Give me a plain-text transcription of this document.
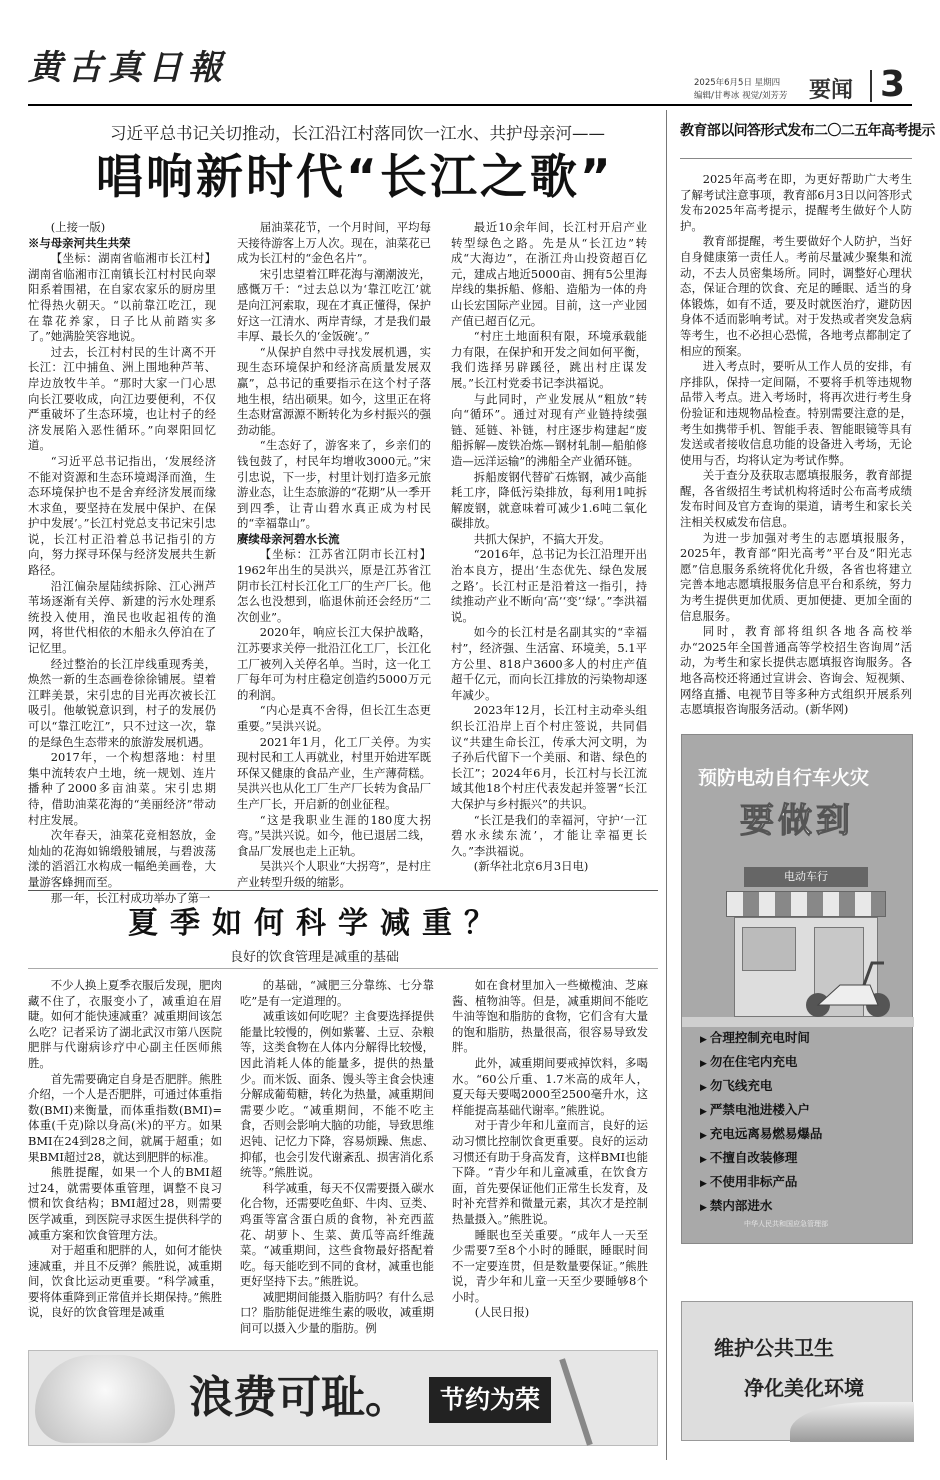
黄古真日報	2025年6月5日 星期四
编辑/甘粤冰 视觉/刘芳芳 要闻 3
习近平总书记关切推动，长江沿江村落同饮一江水、共护母亲河——
唱响新时代“长江之歌”

(上接一版)

※与母亲河共生共荣

【坐标：湖南省临湘市长江村】湖南省临湘市江南镇长江村村民向翠阳系着围裙，在自家农家乐的厨房里忙得热火朝天。“以前靠江吃江，现在靠花养家，日子比从前踏实多了。”她满脸笑容地说。

过去，长江村村民的生计离不开长江：江中捕鱼、洲上围地种芦苇、岸边放牧牛羊。“那时大家一门心思向长江要收成，向江边要便利，不仅严重破坏了生态环境，也让村子的经济发展陷入恶性循环。”向翠阳回忆道。

“习近平总书记指出，‘发展经济不能对资源和生态环境竭泽而渔，生态环境保护也不是舍弃经济发展而缘木求鱼，要坚持在发展中保护、在保护中发展’。”长江村党总支书记宋引忠说，长江村正沿着总书记指引的方向，努力探寻环保与经济发展共生新路径。

沿江偏杂屋陆续拆除、江心洲芦苇场逐渐有关停、新建的污水处理系统投入使用，渔民也收起祖传的渔网，将世代相依的木船永久停泊在了记忆里。

经过整治的长江岸线重现秀美，焕然一新的生态画卷徐徐铺展。望着江畔美景，宋引忠的目光再次被长江吸引。他敏锐意识到，村子的发展仍可以“靠江吃江”，只不过这一次，靠的是绿色生态带来的旅游发展机遇。

2017年，一个构想落地：村里集中流转农户土地，统一规划、连片播种了2000多亩油菜。宋引忠期待，借助油菜花海的“美丽经济”带动村庄发展。

次年春天，油菜花竞相怒放，金灿灿的花海如锦缎般铺展，与碧波荡漾的滔滔江水构成一幅绝美画卷，大量游客蜂拥而至。

那一年，长江村成功举办了第一

届油菜花节，一个月时间，平均每天接待游客上万人次。现在，油菜花已成为长江村的“金色名片”。

宋引忠望着江畔花海与潮潮波光，感慨万千：“过去总以为‘靠江吃江’就是向江河索取，现在才真正懂得，保护好这一江清水、两岸青绿，才是我们最丰厚、最长久的‘金饭碗’。”

“从保护自然中寻找发展机遇，实现生态环境保护和经济高质量发展双赢”，总书记的重要指示在这个村子落地生根，结出硕果。如今，这里正在将生态财富源源不断转化为乡村振兴的强劲动能。

“生态好了，游客来了，乡亲们的钱包鼓了，村民年均增收3000元。”宋引忠说，下一步，村里计划打造多元旅游业态，让生态旅游的“花期”从一季开到四季，让青山碧水真正成为村民的“幸福靠山”。

赓续母亲河碧水长流

【坐标：江苏省江阴市长江村】1962年出生的吴洪兴，原是江苏省江阴市长江村长江化工厂的生产厂长。他怎么也没想到，临退休前还会经历“二次创业”。

2020年，响应长江大保护战略，江苏要求关停一批沿江化工厂，长江化工厂被列入关停名单。当时，这一化工厂每年可为村庄稳定创造约5000万元的利润。

“内心是真不舍得，但长江生态更重要。”吴洪兴说。

2021年1月，化工厂关停。为实现村民和工人再就业，村里开始进军既环保又健康的食品产业，生产薄荷糕。吴洪兴也从化工厂生产厂长转为食品厂生产厂长，开启新的创业征程。

“这是我职业生涯的180度大拐弯。”吴洪兴说。如今，他已退居二线，食品厂发展也走上正轨。

吴洪兴个人职业“大拐弯”，是村庄产业转型升级的缩影。

最近10余年间，长江村开启产业转型绿色之路。先是从“长江边”转成“大海边”，在浙江舟山投资超百亿元，建成占地近5000亩、拥有5公里海岸线的集拆船、修船、造船为一体的舟山长宏国际产业园。目前，这一产业园产值已超百亿元。

“村庄土地面积有限，环境承载能力有限，在保护和开发之间如何平衡，我们选择另辟蹊径，跳出村庄谋发展。”长江村党委书记李洪福说。

与此同时，产业发展从“粗放”转向“循环”。通过对现有产业链持续强链、延链、补链，村庄逐步构建起“废船拆解—废铁冶炼—钢材轧制—船舶修造—远洋运输”的沸船全产业循环链。

拆船废钢代替矿石炼钢，减少高能耗工序，降低污染排放，每利用1吨拆解废钢，就意味着可减少1.6吨二氧化碳排放。

共抓大保护，不搞大开发。

“2016年，总书记为长江沿理开出治本良方，提出‘生态优先、绿色发展之路’。长江村正是沿着这一指引，持续推动产业不断向‘高’‘变’‘绿’。”李洪福说。

如今的长江村是名副其实的“幸福村”，经济强、生活富、环境美，5.1平方公里、818户3600多人的村庄产值超千亿元，而向长江排放的污染物却逐年减少。

2023年12月，长江村主动牵头组织长江沿岸上百个村庄签说，共同倡议“共建生命长江，传承大河文明，为子孙后代留下一个美丽、和谐、绿色的长江”；2024年6月，长江村与长江流域其他18个村庄代表发起并签署“长江大保护与乡村振兴”的共识。

“长江是我们的幸福河，守护‘一江碧水永续东流’，才能让幸福更长久。”李洪福说。

(新华社北京6月3日电)

教育部以问答形式发布二〇二五年高考提示

2025年高考在即，为更好帮助广大考生了解考试注意事项，教育部6月3日以问答形式发布2025年高考提示，提醒考生做好个人防护。

教育部提醒，考生要做好个人防护，当好自身健康第一责任人。考前尽量减少聚集和流动，不去人员密集场所。同时，调整好心理状态，保证合理的饮食、充足的睡眠、适当的身体锻炼，如有不适，要及时就医治疗，避防因身体不适而影响考试。对于发热或者突发急病等考生，也不必担心恐慌，各地考点都制定了相应的预案。

进入考点时，要听从工作人员的安排，有序排队，保持一定间隔，不要将手机等违规物品带入考点。进入考场时，将再次进行考生身份验证和违规物品检查。特别需要注意的是，考生如携带手机、智能手表、智能眼镜等具有发送或者接收信息功能的设备进入考场，无论使用与否，均将认定为考试作弊。

关于查分及获取志愿填报服务，教育部提醒，各省级招生考试机构将适时公布高考成绩发布时间及官方查询的渠道，请考生和家长关注相关权威发布信息。

为进一步加强对考生的志愿填报服务，2025年，教育部“阳光高考”平台及“阳光志愿”信息服务系统将优化升级，各省也将建立完善本地志愿填报服务信息平台和系统，努力为考生提供更加优质、更加便捷、更加全面的信息服务。

同时，教育部将组织各地各高校举办“2025年全国普通高等学校招生咨询周”活动，为考生和家长提供志愿填报咨询服务。各地各高校还将通过宣讲会、咨询会、短视频、网络直播、电视节目等多种方式组织开展系列志愿填报咨询服务活动。(新华网)

预防电动自行车火灾
要做到
电动车行
▶ 合理控制充电时间
▶ 勿在住宅内充电
▶ 勿飞线充电
▶ 严禁电池进楼入户
▶ 充电远离易燃易爆品
▶ 不擅自改装修理
▶ 不使用非标产品
▶ 禁内部进水
中华人民共和国应急管理部
维护公共卫生
净化美化环境
夏季如何科学减重？
良好的饮食管理是减重的基础

不少人换上夏季衣服后发现，肥肉藏不住了，衣服变小了，减重迫在眉睫。如何才能快速减重？减重期间该怎么吃？记者采访了湖北武汉市第八医院肥胖与代谢病诊疗中心副主任医师熊胜。

首先需要确定自身是否肥胖。熊胜介绍，一个人是否肥胖，可通过体重指数(BMI)来衡量，而体重指数(BMI)=体重(千克)除以身高(米)的平方。如果BMI在24到28之间，就属于超重；如果BMI超过28，就达到肥胖的标准。

熊胜提醒，如果一个人的BMI超过24，就需要体重管理，调整不良习惯和饮食结构；BMI超过28，则需要医学减重，到医院寻求医生提供科学的减重方案和饮食管理方法。

对于超重和肥胖的人，如何才能快速减重，并且不反弹？熊胜说，减重期间，饮食比运动更重要。“科学减重，要将体重降到正常值并长期保持。”熊胜说，良好的饮食管理是减重

的基础，“减肥三分靠练、七分靠吃”是有一定道理的。

减重该如何吃呢？主食要选择提供能量比较慢的，例如紫薯、土豆、杂粮等，这类食物在人体内分解得比较慢，因此消耗人体的能量多，提供的热量少。而米饭、面条、馒头等主食会快速分解成葡萄糖，转化为热量，减重期间需要少吃。“减重期间，不能不吃主食，否则会影响大脑的功能，导致思维迟钝、记忆力下降，容易烦躁、焦虑、抑郁，也会引发代谢紊乱、损害消化系统等。”熊胜说。

科学减重，每天不仅需要摄入碳水化合物，还需要吃鱼虾、牛肉、豆类、鸡蛋等富含蛋白质的食物，补充西蓝花、胡萝卜、生菜、黄瓜等高纤维蔬菜。“减重期间，这些食物最好搭配着吃。每天能吃到不同的食材，减重也能更好坚持下去。”熊胜说。

减肥期间能摄入脂肪吗？有什么忌口？脂肪能促进维生素的吸收，减重期间可以摄入少量的脂肪。例

如在食材里加入一些橄榄油、芝麻酱、植物油等。但是，减重期间不能吃牛油等饱和脂肪的食物，它们含有大量的饱和脂肪，热量很高，很容易导致发胖。

此外，减重期间要戒掉饮料，多喝水。“60公斤重、1.7米高的成年人，夏天每天要喝2000至2500毫升水，这样能提高基础代谢率。”熊胜说。

对于青少年和儿童而言，良好的运动习惯比控制饮食更重要。良好的运动习惯还有助于身高发育，这样BMI也能下降。“青少年和儿童减重，在饮食方面，首先要保证他们正常生长发育，及时补充营养和微量元素，其次才是控制热量摄入。”熊胜说。

睡眠也至关重要。“成年人一天至少需要7至8个小时的睡眠，睡眠时间不一定要连贯，但是数量要保证。”熊胜说，青少年和儿童一天至少要睡够8个小时。

(人民日报)

浪费可耻。	节约为荣
